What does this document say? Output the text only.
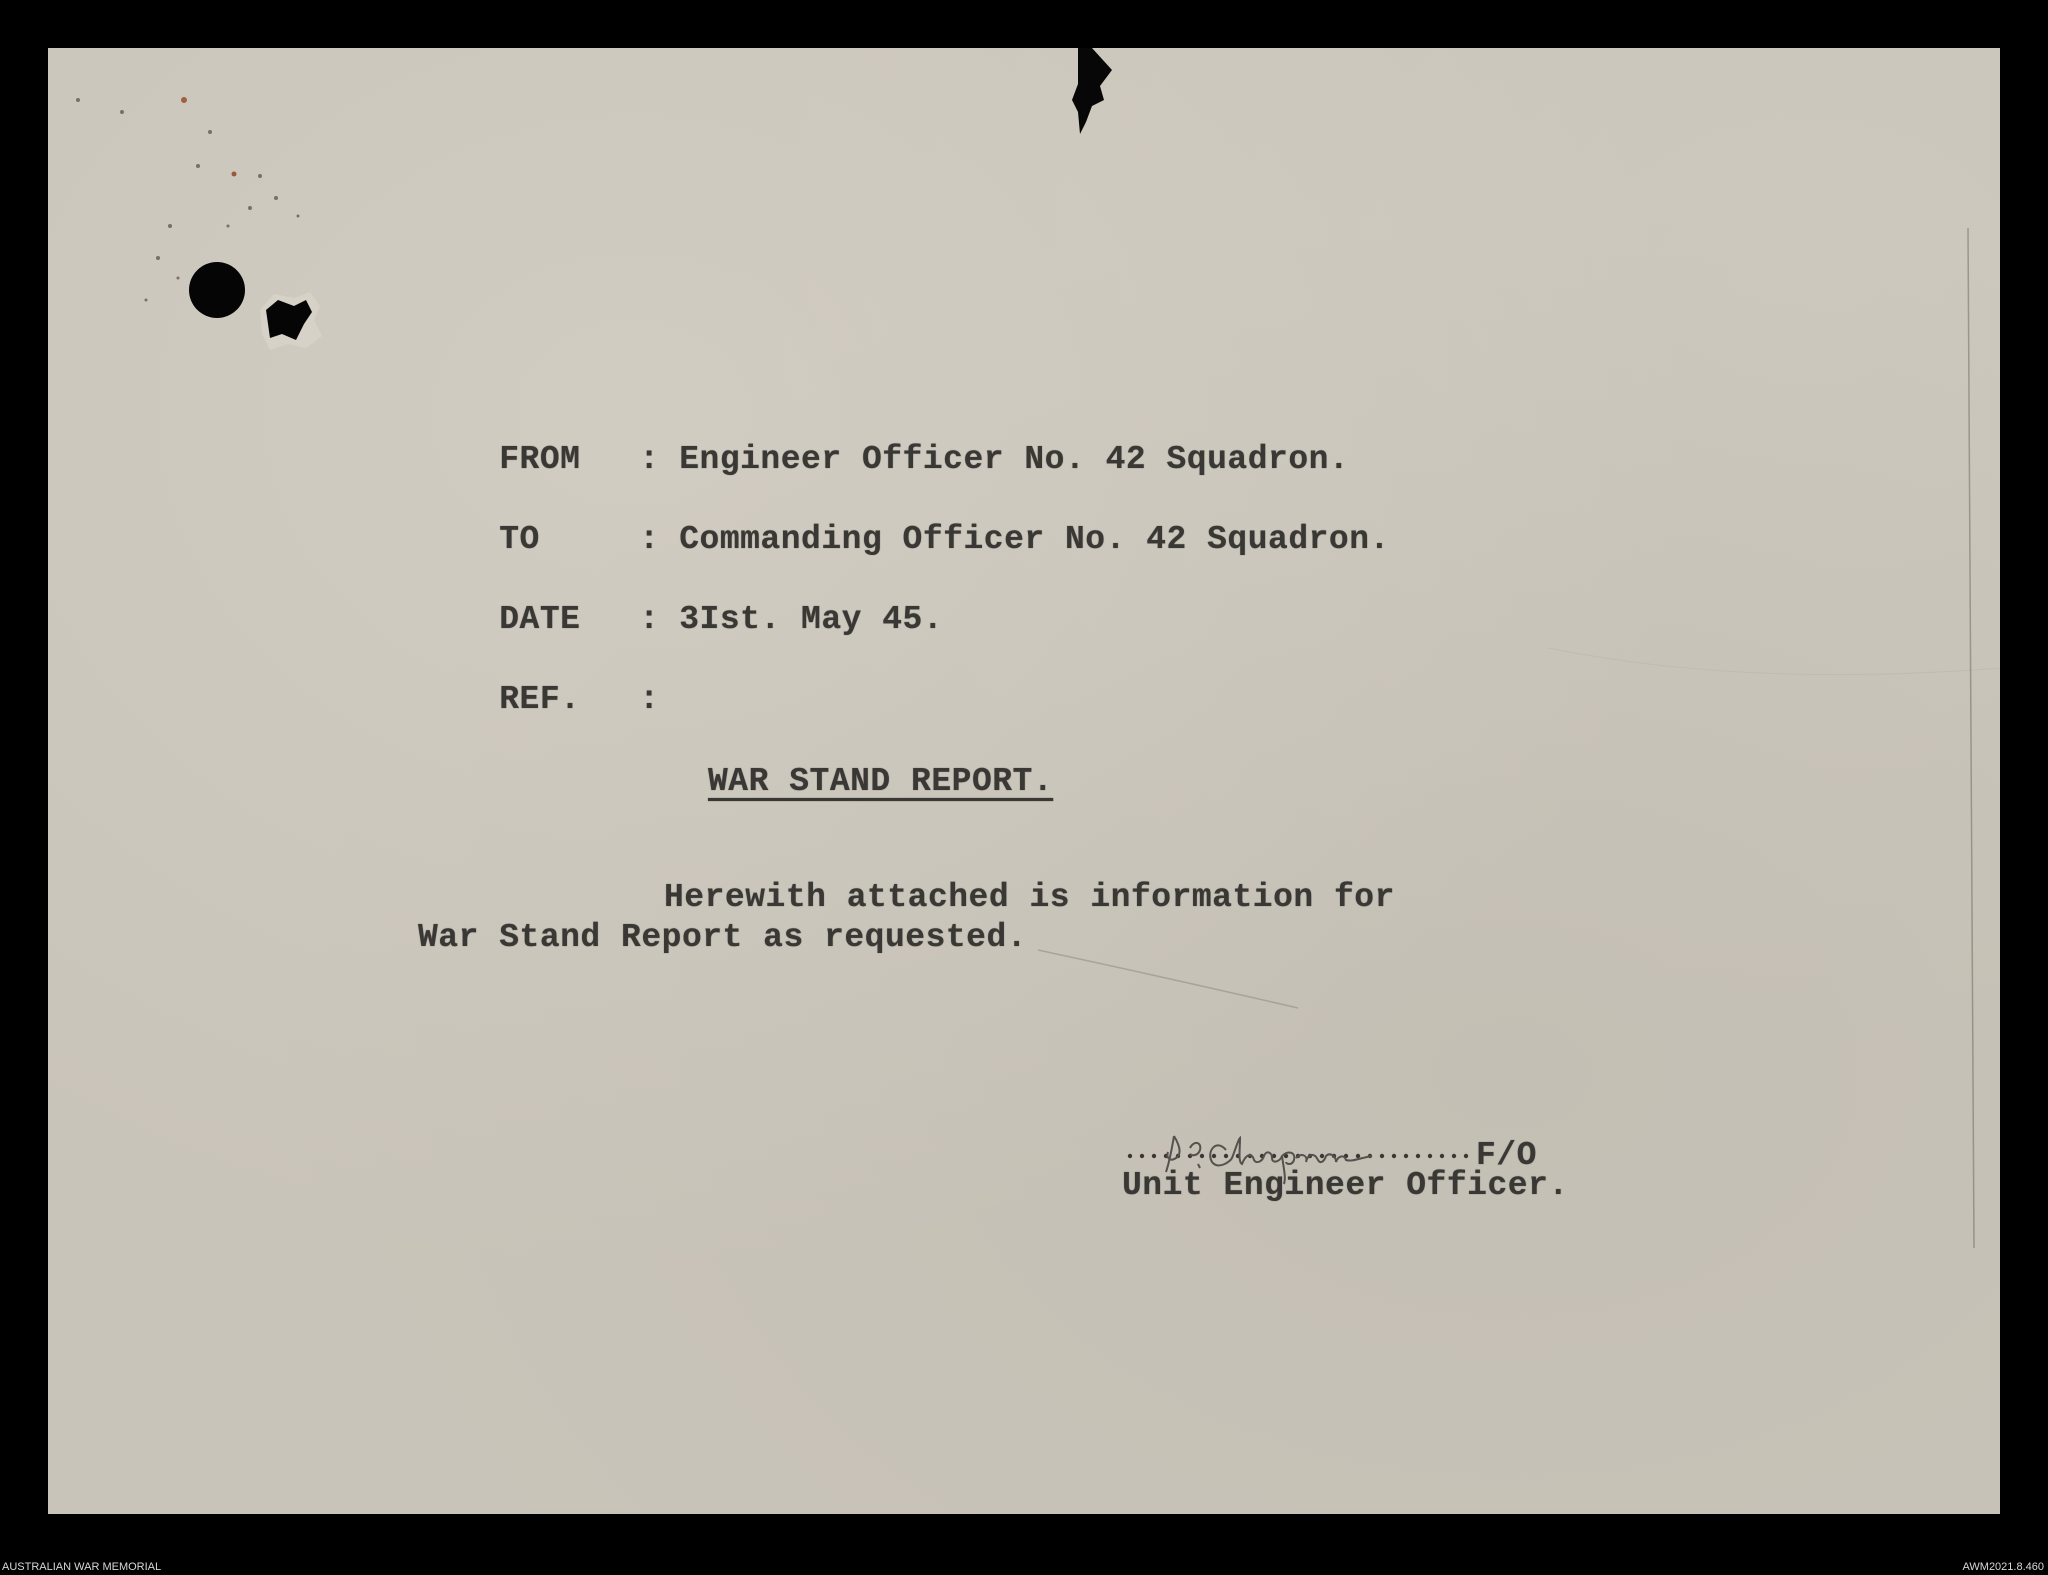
FROM : Engineer Officer No. 42 Squadron.

TO	: Commanding Officer No. 42 Squadron.

DATE : 3Ist. May 45.

REF. :

WAR STAND REPORT.
Herewith attached is information for
War Stand Report as requested.
F/O
Unit Engineer Officer.
AUSTRALIAN WAR MEMORIAL	AWM2021.8.460
